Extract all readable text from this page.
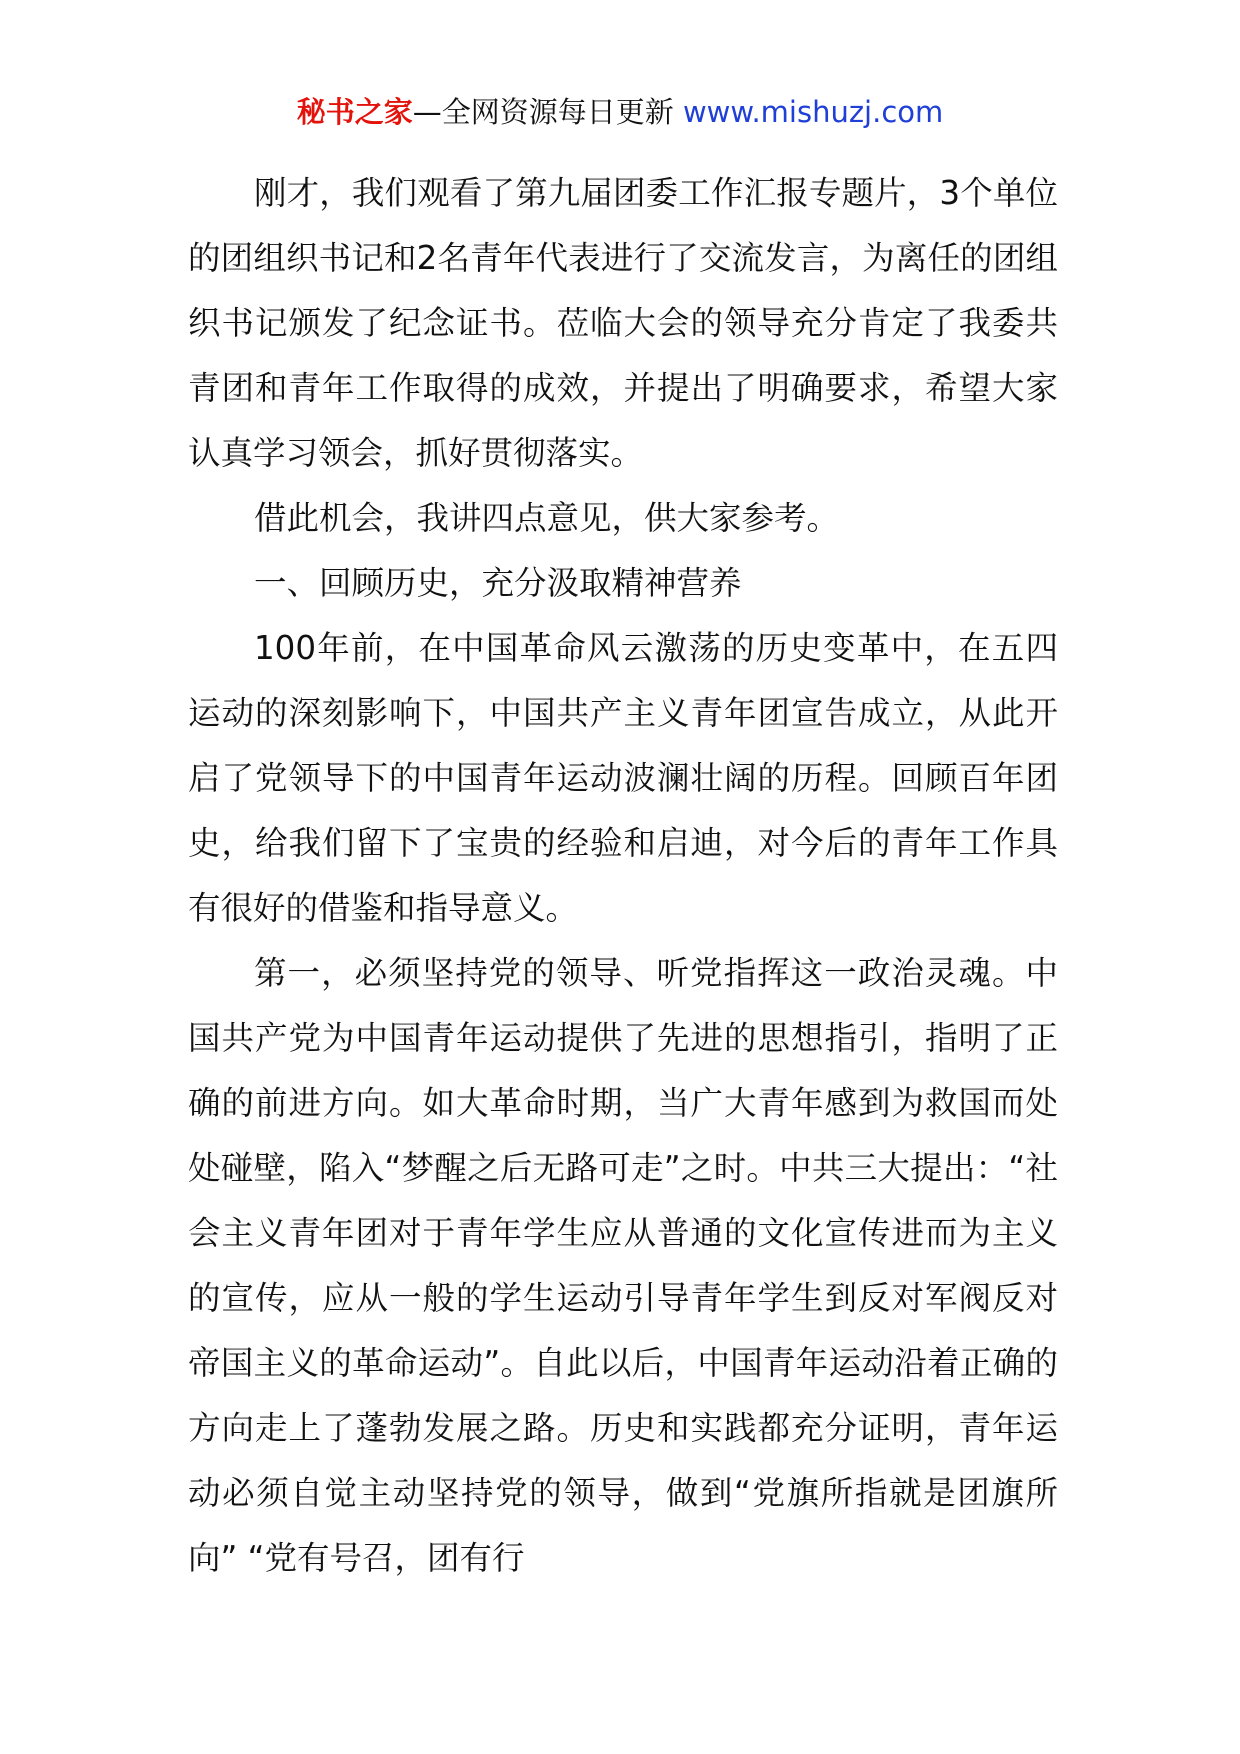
秘书之家—全网资源每日更新 www.mishuzj.com

刚才，我们观看了第九届团委工作汇报专题片，3个单位的团组织书记和2名青年代表进行了交流发言，为离任的团组织书记颁发了纪念证书。莅临大会的领导充分肯定了我委共青团和青年工作取得的成效，并提出了明确要求，希望大家认真学习领会，抓好贯彻落实。

借此机会，我讲四点意见，供大家参考。

一、回顾历史，充分汲取精神营养

100年前，在中国革命风云激荡的历史变革中，在五四运动的深刻影响下，中国共产主义青年团宣告成立，从此开启了党领导下的中国青年运动波澜壮阔的历程。回顾百年团史，给我们留下了宝贵的经验和启迪，对今后的青年工作具有很好的借鉴和指导意义。

第一，必须坚持党的领导、听党指挥这一政治灵魂。中国共产党为中国青年运动提供了先进的思想指引，指明了正确的前进方向。如大革命时期，当广大青年感到为救国而处处碰壁，陷入“梦醒之后无路可走”之时。中共三大提出：“社会主义青年团对于青年学生应从普通的文化宣传进而为主义的宣传，应从一般的学生运动引导青年学生到反对军阀反对帝国主义的革命运动”。自此以后，中国青年运动沿着正确的方向走上了蓬勃发展之路。历史和实践都充分证明，青年运动必须自觉主动坚持党的领导，做到“党旗所指就是团旗所向” “党有号召，团有行
